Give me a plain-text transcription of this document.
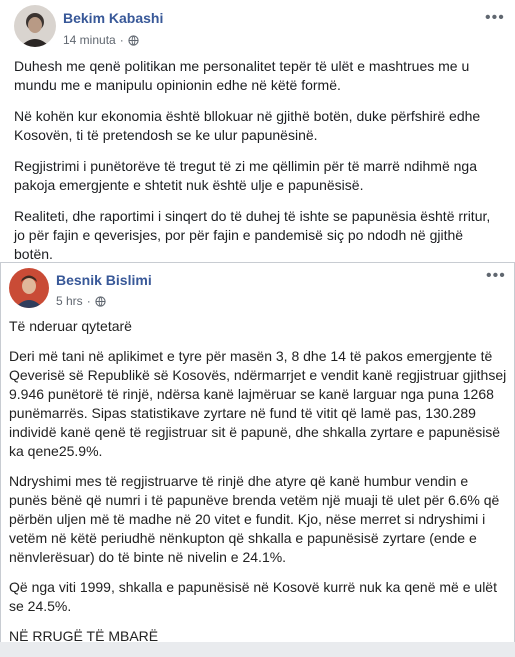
Bekim Kabashi
14 minuta ·
•••

Duhesh me qenë politikan me personalitet tepër të ulët e mashtrues me u mundu me e manipulu opinionin edhe në këtë formë.

Në kohën kur ekonomia është bllokuar në gjithë botën, duke përfshirë edhe Kosovën, ti të pretendosh se ke ulur papunësinë.

Regjistrimi i punëtorëve të tregut të zi me qëllimin për të marrë ndihmë nga pakoja emergjente e shtetit nuk është ulje e papunësisë.

Realiteti, dhe raportimi i sinqert do të duhej të ishte se papunësia është rritur, jo për fajin e qeverisjes, por për fajin e pandemisë siç po ndodh në gjithë botën.

Besnik Bislimi
5 hrs ·
•••

Të nderuar qytetarë

Deri më tani në aplikimet e tyre për masën 3, 8 dhe 14 të pakos emergjente të Qeverisë së Republikë së Kosovës, ndërmarrjet e vendit kanë regjistruar gjithsej 9.946 punëtorë të rinjë, ndërsa kanë lajmëruar se kanë larguar nga puna 1268 punëmarrës. Sipas statistikave zyrtare në fund të vitit që lamë pas, 130.289 individë kanë qenë të regjistruar sit ë papunë, dhe shkalla zyrtare e papunësisë ka qene25.9%.

Ndryshimi mes të regjistruarve të rinjë dhe atyre që kanë humbur vendin e punës bënë që numri i të papunëve brenda vetëm një muaji të ulet për 6.6% që përbën uljen më të madhe në 20 vitet e fundit. Kjo, nëse merret si ndryshimi i vetëm në këtë periudhë nënkupton që shkalla e papunësisë zyrtare (ende e nënvlerësuar) do të binte në nivelin e 24.1%.

Që nga viti 1999, shkalla e papunësisë në Kosovë kurrë nuk ka qenë më e ulët se 24.5%.

NË RRUGË TË MBARË
